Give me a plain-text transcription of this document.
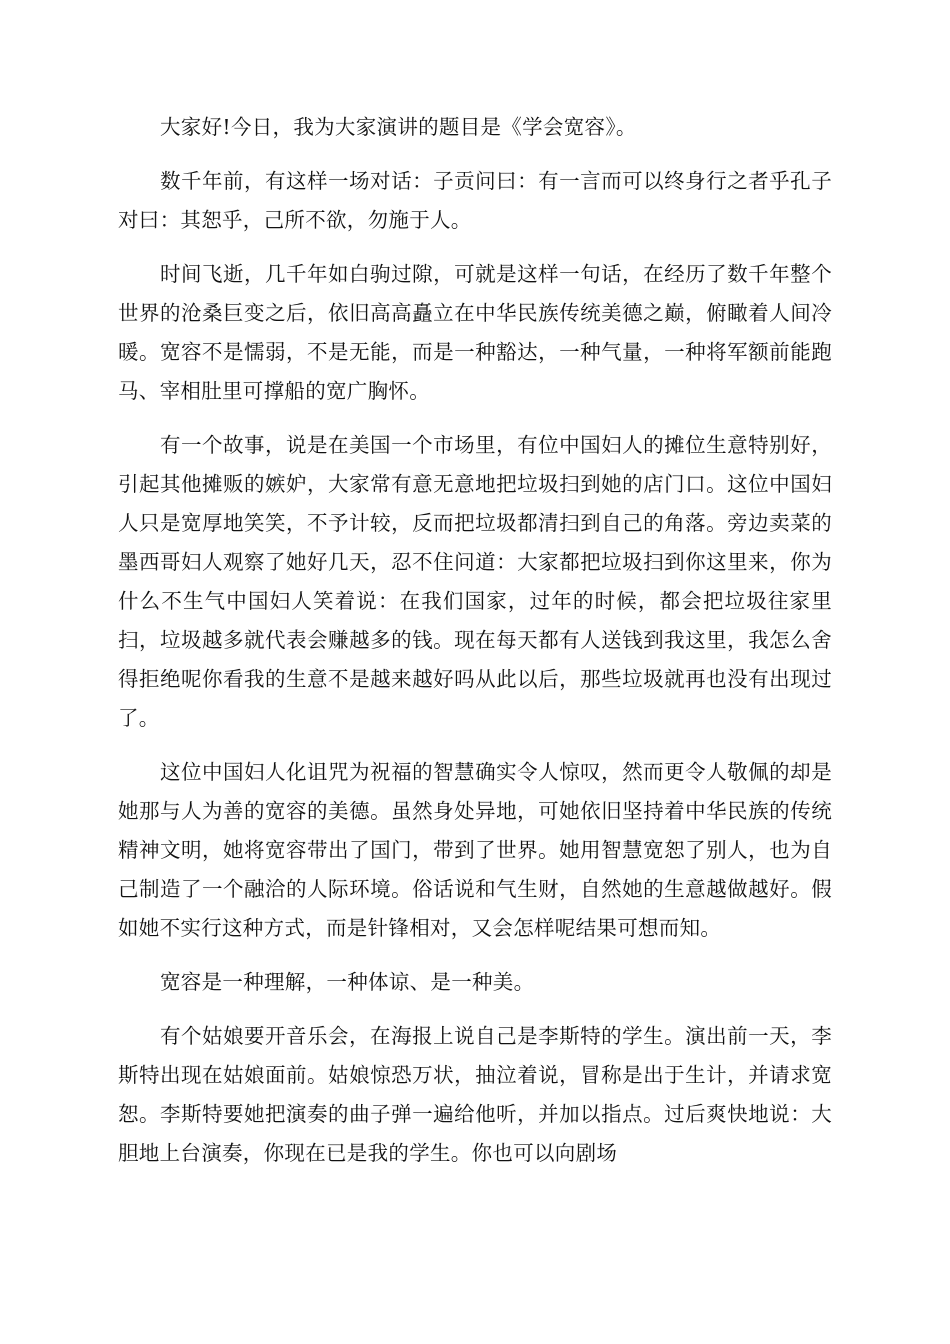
大家好!今日，我为大家演讲的题目是《学会宽容》。

数千年前，有这样一场对话：子贡问曰：有一言而可以终身行之者乎孔子对曰：其恕乎，己所不欲，勿施于人。

时间飞逝，几千年如白驹过隙，可就是这样一句话，在经历了数千年整个世界的沧桑巨变之后，依旧高高矗立在中华民族传统美德之巅，俯瞰着人间冷暖。宽容不是懦弱，不是无能，而是一种豁达，一种气量，一种将军额前能跑马、宰相肚里可撑船的宽广胸怀。

有一个故事，说是在美国一个市场里，有位中国妇人的摊位生意特别好，引起其他摊贩的嫉妒，大家常有意无意地把垃圾扫到她的店门口。这位中国妇人只是宽厚地笑笑，不予计较，反而把垃圾都清扫到自己的角落。旁边卖菜的墨西哥妇人观察了她好几天，忍不住问道：大家都把垃圾扫到你这里来，你为什么不生气中国妇人笑着说：在我们国家，过年的时候，都会把垃圾往家里扫，垃圾越多就代表会赚越多的钱。现在每天都有人送钱到我这里，我怎么舍得拒绝呢你看我的生意不是越来越好吗从此以后，那些垃圾就再也没有出现过了。

这位中国妇人化诅咒为祝福的智慧确实令人惊叹，然而更令人敬佩的却是她那与人为善的宽容的美德。虽然身处异地，可她依旧坚持着中华民族的传统精神文明，她将宽容带出了国门，带到了世界。她用智慧宽恕了别人，也为自己制造了一个融洽的人际环境。俗话说和气生财，自然她的生意越做越好。假如她不实行这种方式，而是针锋相对，又会怎样呢结果可想而知。

宽容是一种理解，一种体谅、是一种美。

有个姑娘要开音乐会，在海报上说自己是李斯特的学生。演出前一天，李斯特出现在姑娘面前。姑娘惊恐万状，抽泣着说，冒称是出于生计，并请求宽恕。李斯特要她把演奏的曲子弹一遍给他听，并加以指点。过后爽快地说：大胆地上台演奏，你现在已是我的学生。你也可以向剧场
